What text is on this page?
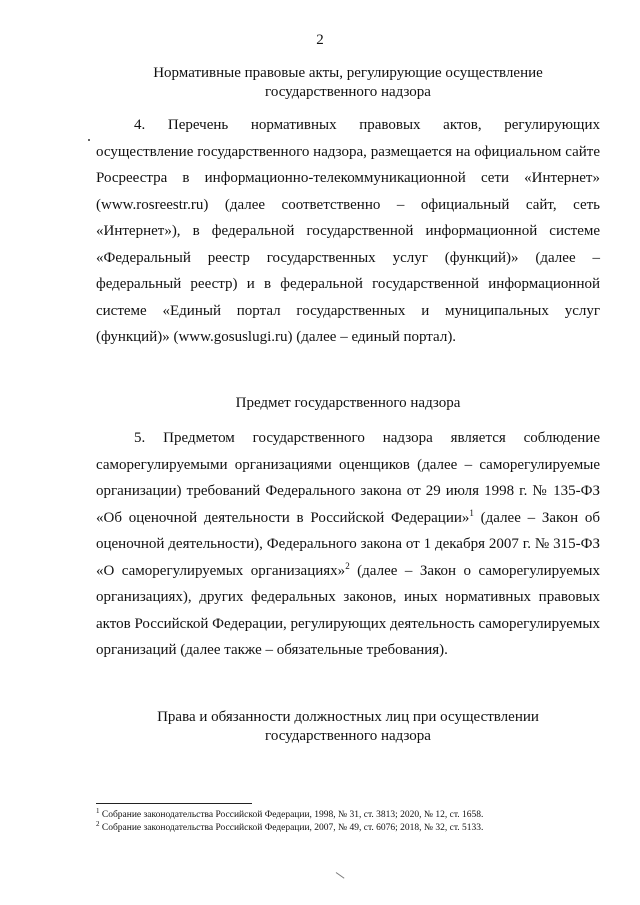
2
Нормативные правовые акты, регулирующие осуществление
государственного надзора

4. Перечень нормативных правовых актов, регулирующих осуществление государственного надзора, размещается на официальном сайте Росреестра в информационно-телекоммуникационной сети «Интернет» (www.rosreestr.ru) (далее соответственно – официальный сайт, сеть «Интернет»), в федеральной государственной информационной системе «Федеральный реестр государственных услуг (функций)» (далее – федеральный реестр) и в федеральной государственной информационной системе «Единый портал государственных и муниципальных услуг (функций)» (www.gosuslugi.ru) (далее – единый портал).

Предмет государственного надзора

5. Предметом государственного надзора является соблюдение саморегулируемыми организациями оценщиков (далее – саморегулируемые организации) требований Федерального закона от 29 июля 1998 г. № 135-ФЗ «Об оценочной деятельности в Российской Федерации»$^1$ (далее – Закон об оценочной деятельности), Федерального закона от 1 декабря 2007 г. № 315-ФЗ «О саморегулируемых организациях»$^2$ (далее – Закон о саморегулируемых организациях), других федеральных законов, иных нормативных правовых актов Российской Федерации, регулирующих деятельность саморегулируемых организаций (далее также – обязательные требования).

Права и обязанности должностных лиц при осуществлении
государственного надзора
$^1$ Собрание законодательства Российской Федерации, 1998, № 31, ст. 3813; 2020, № 12, ст. 1658.
$^2$ Собрание законодательства Российской Федерации, 2007, № 49, ст. 6076; 2018, № 32, ст. 5133.
